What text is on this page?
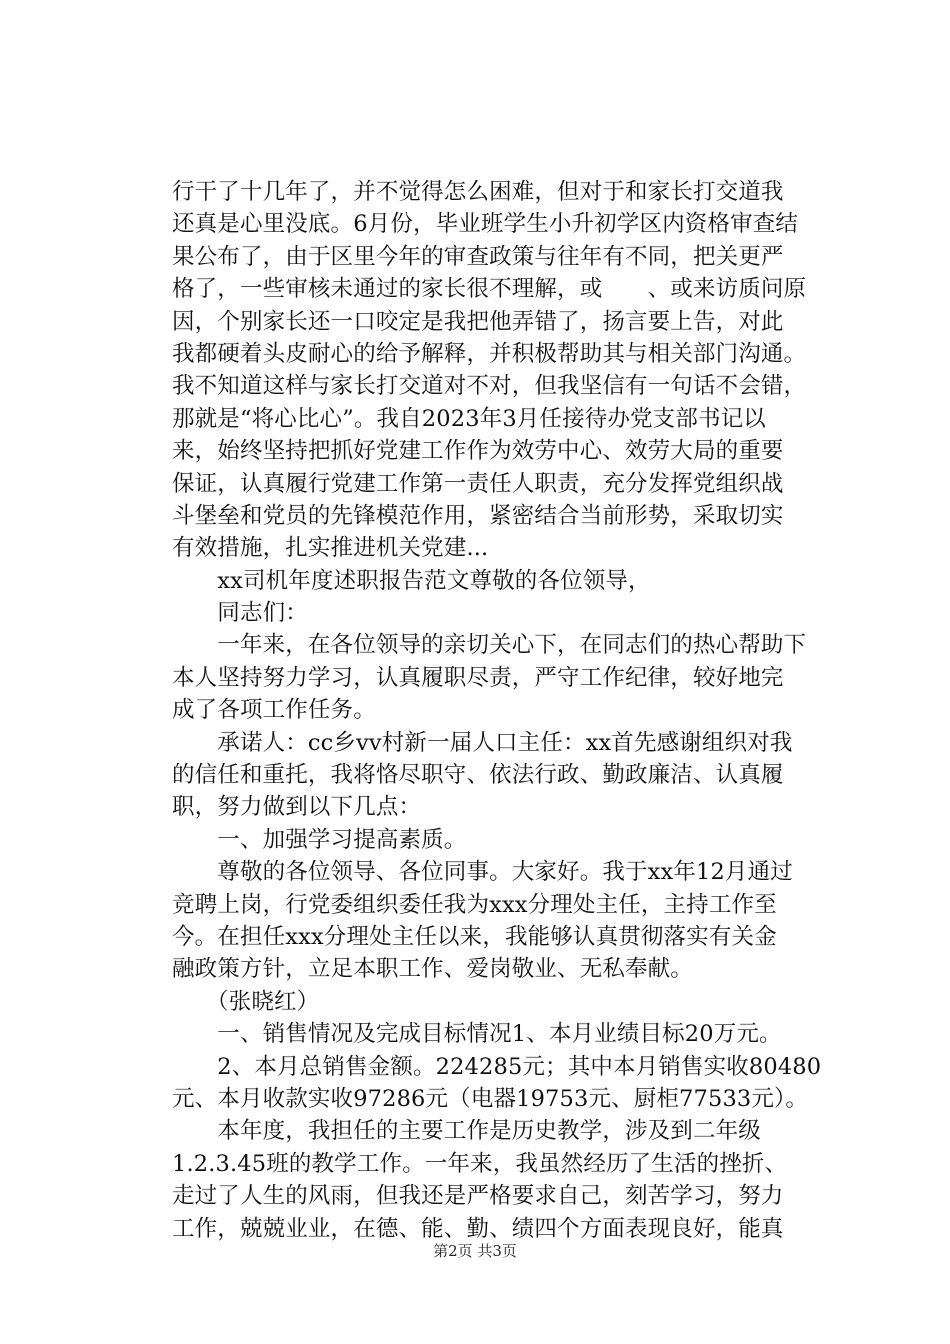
行干了十几年了，并不觉得怎么困难，但对于和家长打交道我
还真是心里没底。6月份，毕业班学生小升初学区内资格审查结
果公布了，由于区里今年的审查政策与往年有不同，把关更严
格了，一些审核未通过的家长很不理解，或　　、或来访质问原
因，个别家长还一口咬定是我把他弄错了，扬言要上告，对此
我都硬着头皮耐心的给予解释，并积极帮助其与相关部门沟通。
我不知道这样与家长打交道对不对，但我坚信有一句话不会错，
那就是“将心比心”。我自2023年3月任接待办党支部书记以
来，始终坚持把抓好党建工作作为效劳中心、效劳大局的重要
保证，认真履行党建工作第一责任人职责，充分发挥党组织战
斗堡垒和党员的先锋模范作用，紧密结合当前形势，采取切实
有效措施，扎实推进机关党建...
　　xx司机年度述职报告范文尊敬的各位领导，
　　同志们：
　　一年来，在各位领导的亲切关心下，在同志们的热心帮助下
本人坚持努力学习，认真履职尽责，严守工作纪律，较好地完
成了各项工作任务。
　　承诺人：cc乡vv村新一届人口主任：xx首先感谢组织对我
的信任和重托，我将恪尽职守、依法行政、勤政廉洁、认真履
职，努力做到以下几点：
　　一、加强学习提高素质。
　　尊敬的各位领导、各位同事。大家好。我于xx年12月通过
竞聘上岗，行党委组织委任我为xxx分理处主任，主持工作至
今。在担任xxx分理处主任以来，我能够认真贯彻落实有关金
融政策方针，立足本职工作、爱岗敬业、无私奉献。
　　（张晓红）
　　一、销售情况及完成目标情况1、本月业绩目标20万元。
　　2、本月总销售金额。224285元；其中本月销售实收80480
元、本月收款实收97286元（电器19753元、厨柜77533元）。
　　本年度，我担任的主要工作是历史教学，涉及到二年级
1.2.3.45班的教学工作。一年来，我虽然经历了生活的挫折、
走过了人生的风雨，但我还是严格要求自己，刻苦学习，努力
工作，兢兢业业，在德、能、勤、绩四个方面表现良好，能真

第2页 共3页
